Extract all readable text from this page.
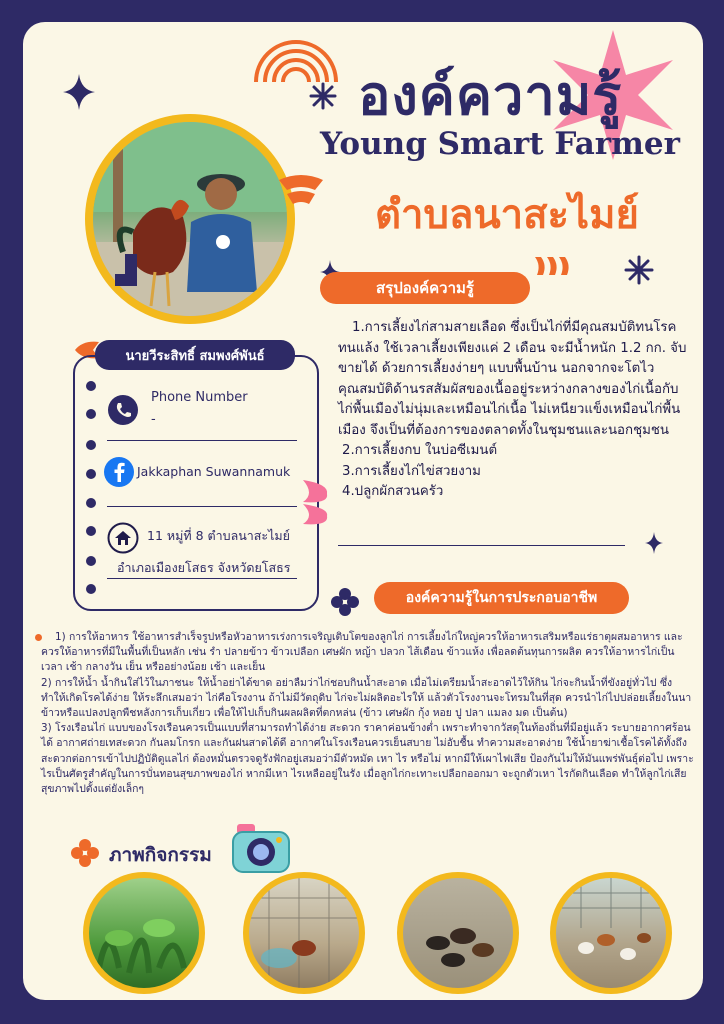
องค์ความรู้
Young Smart Farmer
ตำบลนาสะไมย์
สรุปองค์ความรู้
1.การเลี้ยงไก่สามสายเลือด ซึ่งเป็นไก่ที่มีคุณสมบัติทนโรค ทนแล้ง ใช้เวลาเลี้ยงเพียงแค่ 2 เดือน จะมีน้ำหนัก 1.2 กก. จับขายได้ ด้วยการเลี้ยงง่ายๆ แบบพื้นบ้าน นอกจากจะโตไว คุณสมบัติด้านรสสัมผัสของเนื้ออยู่ระหว่างกลางของไก่เนื้อกับไก่พื้นเมืองไม่นุ่มเละเหมือนไก่เนื้อ ไม่เหนียวแข็งเหมือนไก่พื้นเมือง จึงเป็นที่ต้องการของตลาดทั้งในชุมชนและนอกชุมชน
2.การเลี้ยงกบ ในบ่อซีเมนต์
3.การเลี้ยงไก่ไข่สวยงาม
4.ปลูกผักสวนครัว
นายวีระสิทธิ์ สมพงศ์พันธ์
Phone Number
-
Jakkaphan Suwannamuk
11 หมู่ที่ 8 ตำบลนาสะไมย์
อำเภอเมืองยโสธร จังหวัดยโสธร
องค์ความรู้ในการประกอบอาชีพ
1) การให้อาหาร ใช้อาหารสำเร็จรูปหรือหัวอาหารเร่งการเจริญเติบโตของลูกไก่ การเลี้ยงไก่ใหญ่ควรให้อาหารเสริมหรือแร่ธาตุผสมอาหาร และควรให้อาหารที่มีในพื้นที่เป็นหลัก เช่น รำ ปลายข้าว ข้าวเปลือก เศษผัก หญ้า ปลวก ไส้เดือน ข้าวแห้ง เพื่อลดต้นทุนการผลิต ควรให้อาหารไก่เป็นเวลา เช้า กลางวัน เย็น หรืออย่างน้อย เช้า และเย็น
2) การให้น้ำ น้ำกินใส่ไว้ในภาชนะ ให้น้ำอย่าได้ขาด อย่าลืมว่าไก่ชอบกินน้ำสะอาด เมื่อไม่เตรียมน้ำสะอาดไว้ให้กิน ไก่จะกินน้ำที่ขังอยู่ทั่วไป ซึ่งทำให้เกิดโรคได้ง่าย ให้ระลึกเสมอว่า ไก่คือโรงงาน ถ้าไม่มีวัตถุดิบ ไก่จะไม่ผลิตอะไรให้ แล้วตัวโรงงานจะโทรมในที่สุด ควรนำไก่ไปปล่อยเลี้ยงในนาข้าวหรือแปลงปลูกพืชหลังการเก็บเกี่ยว เพื่อให้ไปเก็บกินผลผลิตที่ตกหล่น (ข้าว เศษผัก กุ้ง หอย ปู ปลา แมลง มด เป็นต้น)
3) โรงเรือนไก่ แบบของโรงเรือนควรเป็นแบบที่สามารถทำได้ง่าย สะดวก ราคาค่อนข้างต่ำ เพราะทำจากวัสดุในท้องถิ่นที่มีอยู่แล้ว ระบายอากาศร้อนได้ อากาศถ่ายเทสะดวก กันลมโกรก และกันฝนสาดได้ดี อากาศในโรงเรือนควรเย็นสบาย ไม่อับชื้น ทำความสะอาดง่าย ใช้น้ำยาฆ่าเชื้อโรคได้ทั้งถึง สะดวกต่อการเข้าไปปฏิบัติดูแลไก่ ต้องหมั่นตรวจดูรังฟักอยู่เสมอว่ามีตัวหมัด เหา ไร หรือไม่ หากมีให้เผาไฟเสีย ป้องกันไม่ให้มันแพร่พันธุ์ต่อไป เพราะไรเป็นศัตรูสำคัญในการบั่นทอนสุขภาพของไก่ หากมีเหา ไรเหลืออยู่ในรัง เมื่อลูกไก่กะเทาะเปลือกออกมา จะถูกตัวเหา ไรกัดกินเลือด ทำให้ลูกไก่เสียสุขภาพไปตั้งแต่ยังเล็กๆ
ภาพกิจกรรม
